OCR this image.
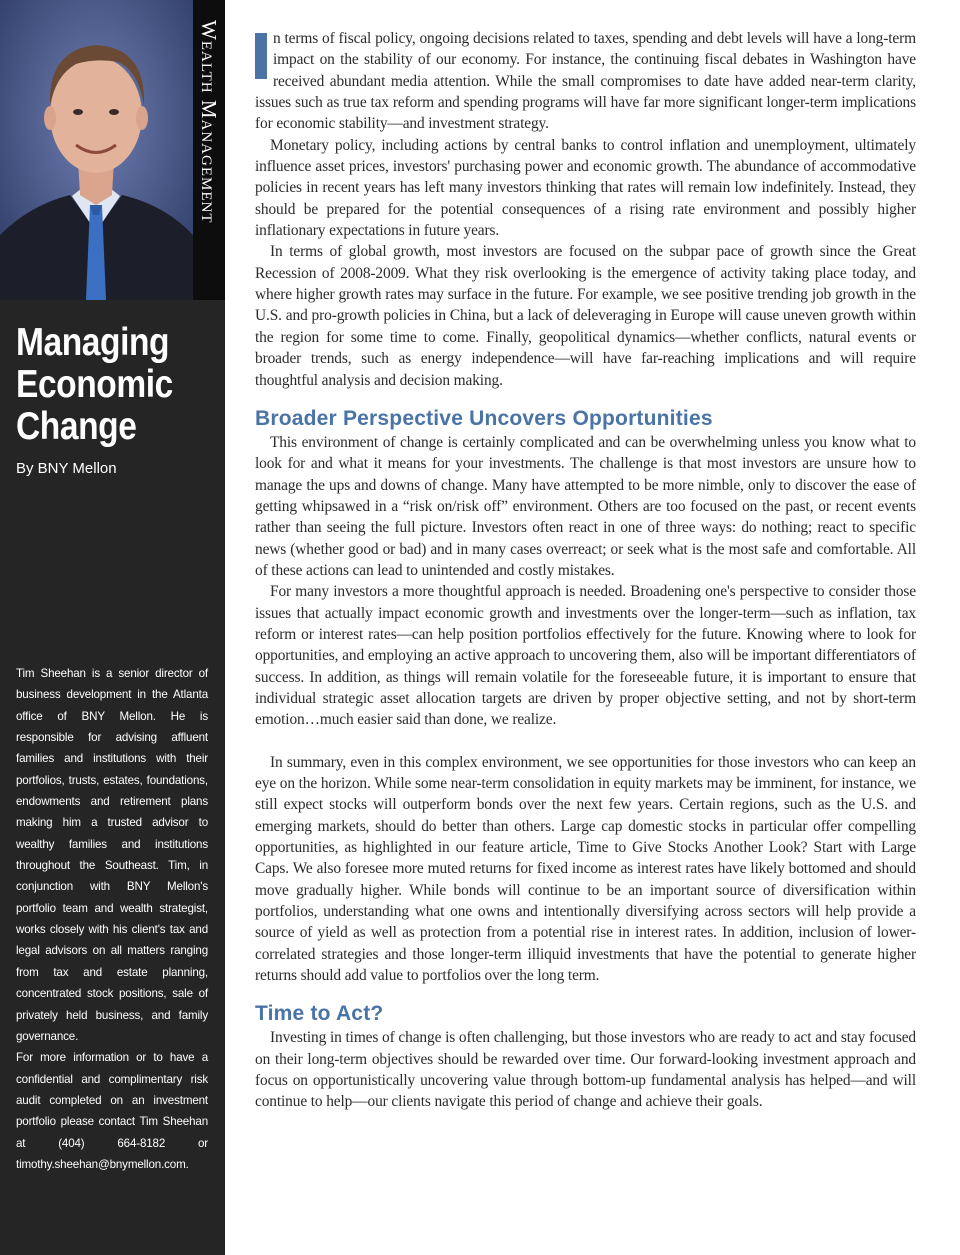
Wealth Management
Managing
Economic
Change
By BNY Mellon

Tim Sheehan is a senior director of business development in the Atlanta office of BNY Mellon. He is responsible for advising affluent families and institutions with their portfolios, trusts, estates, foundations, endowments and retirement plans making him a trusted advisor to wealthy families and institutions throughout the Southeast. Tim, in conjunction with BNY Mellon's portfolio team and wealth strategist, works closely with his client's tax and legal advisors on all matters ranging from tax and estate planning, concentrated stock positions, sale of privately held business, and family governance.

For more information or to have a confidential and complimentary risk audit completed on an investment portfolio please contact Tim Sheehan at (404) 664-8182 or timothy.sheehan@bnymellon.com.

n terms of fiscal policy, ongoing decisions related to taxes, spending and debt levels will have a long-term impact on the stability of our economy. For instance, the continuing fiscal debates in Washington have received abundant media attention. While the small compromises to date have added near-term clarity, issues such as true tax reform and spending programs will have far more significant longer-term implications for economic stability—and investment strategy.

Monetary policy, including actions by central banks to control inflation and unemployment, ultimately influence asset prices, investors' purchasing power and economic growth. The abundance of accommodative policies in recent years has left many investors thinking that rates will remain low indefinitely. Instead, they should be prepared for the potential consequences of a rising rate environment and possibly higher inflationary expectations in future years.

In terms of global growth, most investors are focused on the subpar pace of growth since the Great Recession of 2008-2009. What they risk overlooking is the emergence of activity taking place today, and where higher growth rates may surface in the future. For example, we see positive trending job growth in the U.S. and pro-growth policies in China, but a lack of deleveraging in Europe will cause uneven growth within the region for some time to come. Finally, geopolitical dynamics—whether conflicts, natural events or broader trends, such as energy independence—will have far-reaching implications and will require thoughtful analysis and decision making.

Broader Perspective Uncovers Opportunities

This environment of change is certainly complicated and can be overwhelming unless you know what to look for and what it means for your investments. The challenge is that most investors are unsure how to manage the ups and downs of change. Many have attempted to be more nimble, only to discover the ease of getting whipsawed in a “risk on/risk off” environment. Others are too focused on the past, or recent events rather than seeing the full picture. Investors often react in one of three ways: do nothing; react to specific news (whether good or bad) and in many cases overreact; or seek what is the most safe and comfortable. All of these actions can lead to unintended and costly mistakes.

For many investors a more thoughtful approach is needed. Broadening one's perspective to consider those issues that actually impact economic growth and investments over the longer-term—such as inflation, tax reform or interest rates—can help position portfolios effectively for the future. Knowing where to look for opportunities, and employing an active approach to uncovering them, also will be important differentiators of success. In addition, as things will remain volatile for the foreseeable future, it is important to ensure that individual strategic asset allocation targets are driven by proper objective setting, and not by short-term emotion…much easier said than done, we realize.

In summary, even in this complex environment, we see opportunities for those investors who can keep an eye on the horizon. While some near-term consolidation in equity markets may be imminent, for instance, we still expect stocks will outperform bonds over the next few years. Certain regions, such as the U.S. and emerging markets, should do better than others. Large cap domestic stocks in particular offer compelling opportunities, as highlighted in our feature article, Time to Give Stocks Another Look? Start with Large Caps. We also foresee more muted returns for fixed income as interest rates have likely bottomed and should move gradually higher. While bonds will continue to be an important source of diversification within portfolios, understanding what one owns and intentionally diversifying across sectors will help provide a source of yield as well as protection from a potential rise in interest rates. In addition, inclusion of lower-correlated strategies and those longer-term illiquid investments that have the potential to generate higher returns should add value to portfolios over the long term.

Time to Act?

Investing in times of change is often challenging, but those investors who are ready to act and stay focused on their long-term objectives should be rewarded over time. Our forward-looking investment approach and focus on opportunistically uncovering value through bottom-up fundamental analysis has helped—and will continue to help—our clients navigate this period of change and achieve their goals.
